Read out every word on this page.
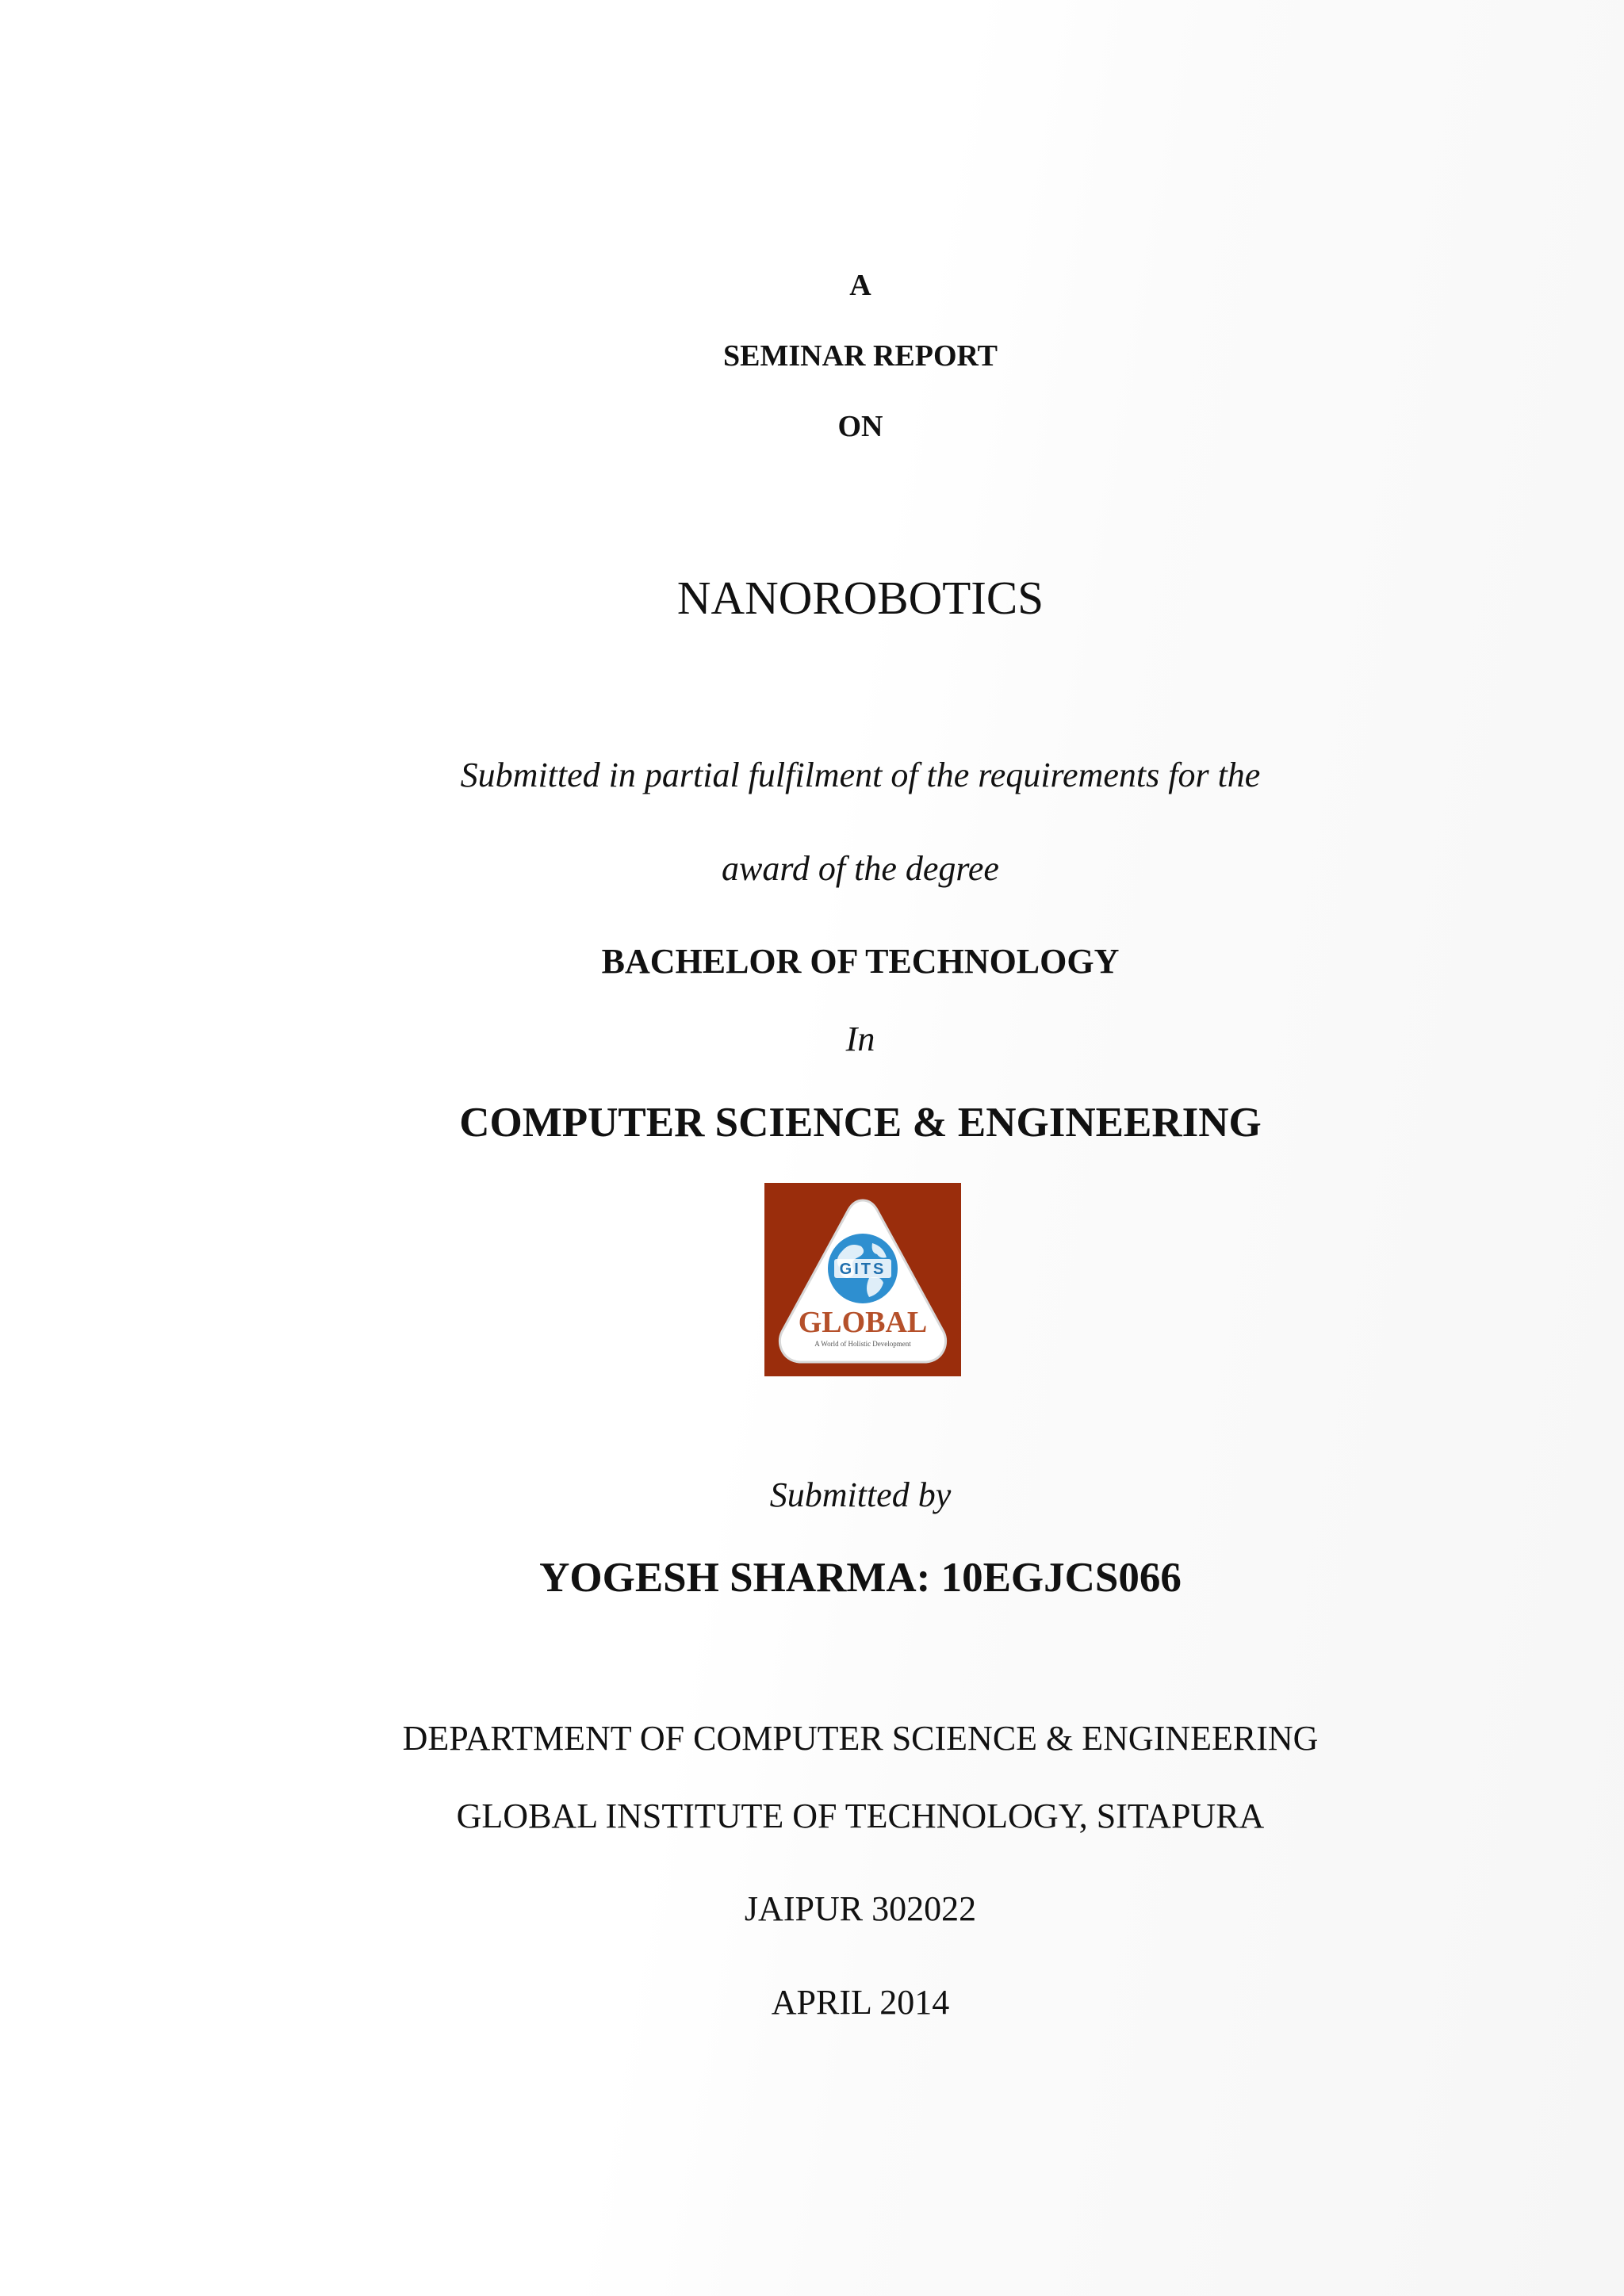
A
SEMINAR REPORT
ON
NANOROBOTICS
Submitted in partial fulfilment of the requirements for the
award of the degree
BACHELOR OF TECHNOLOGY
In
COMPUTER SCIENCE & ENGINEERING
GITS
GLOBAL
A World of Holistic Development
Submitted by
YOGESH SHARMA: 10EGJCS066
DEPARTMENT OF COMPUTER SCIENCE & ENGINEERING
GLOBAL INSTITUTE OF TECHNOLOGY, SITAPURA
JAIPUR 302022
APRIL 2014
